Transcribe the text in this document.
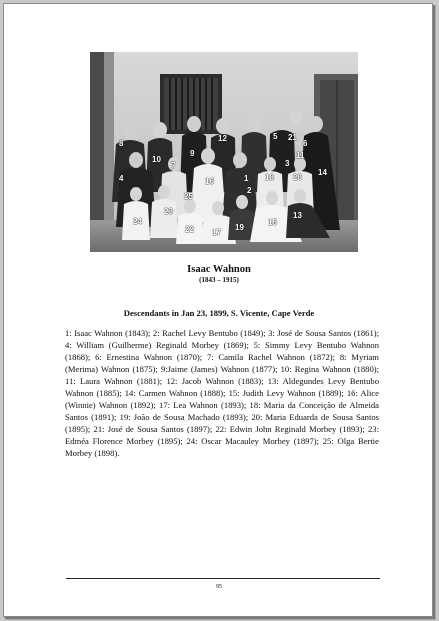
8
12	5 21
6
10
9
7	3
1
11
4	16	18 20
14
25
2
23	13
24	15
19
22 17
Isaac Wahnon
(1843 – 1915)
Descendants in Jan 23, 1899, S. Vicente, Cape Verde
1: Isaac Wahnon (1843); 2: Rachel Levy Bentubo (1849); 3: José de Sousa Santos (1861); 4: William (Guilherme) Reginald Morbey (1869); 5: Simmy Levy Bentubo Wahnon (1868); 6: Ernestina Wahnon (1870); 7: Camila Rachel Wahnon (1872); 8: Myriam (Merima) Wahnon (1875); 9:Jaime (James) Wahnon (1877); 10: Regina Wahnon (1880); 11: Laura Wahnon (1881); 12: Jacob Wahnon (1883); 13: Aldegundes Levy Bentubo Wahnon (1885); 14: Carmen Wahnon (1888); 15: Judith Levy Wahnon (1889); 16: Alice (Winnie) Wahnon (1892); 17: Lea Wahnon (1893); 18: Maria da Conceição de Almeida Santos (1891); 19: João de Sousa Machado (1893); 20: Maria Eduarda de Sousa Santos (1895); 21: José de Sousa Santos (1897); 22: Edwin John Reginald Morbey (1893); 23: Edméa Florence Morbey (1895); 24: Oscar Macauley Morbey (1897); 25: Olga Bertie Morbey (1898).
95
